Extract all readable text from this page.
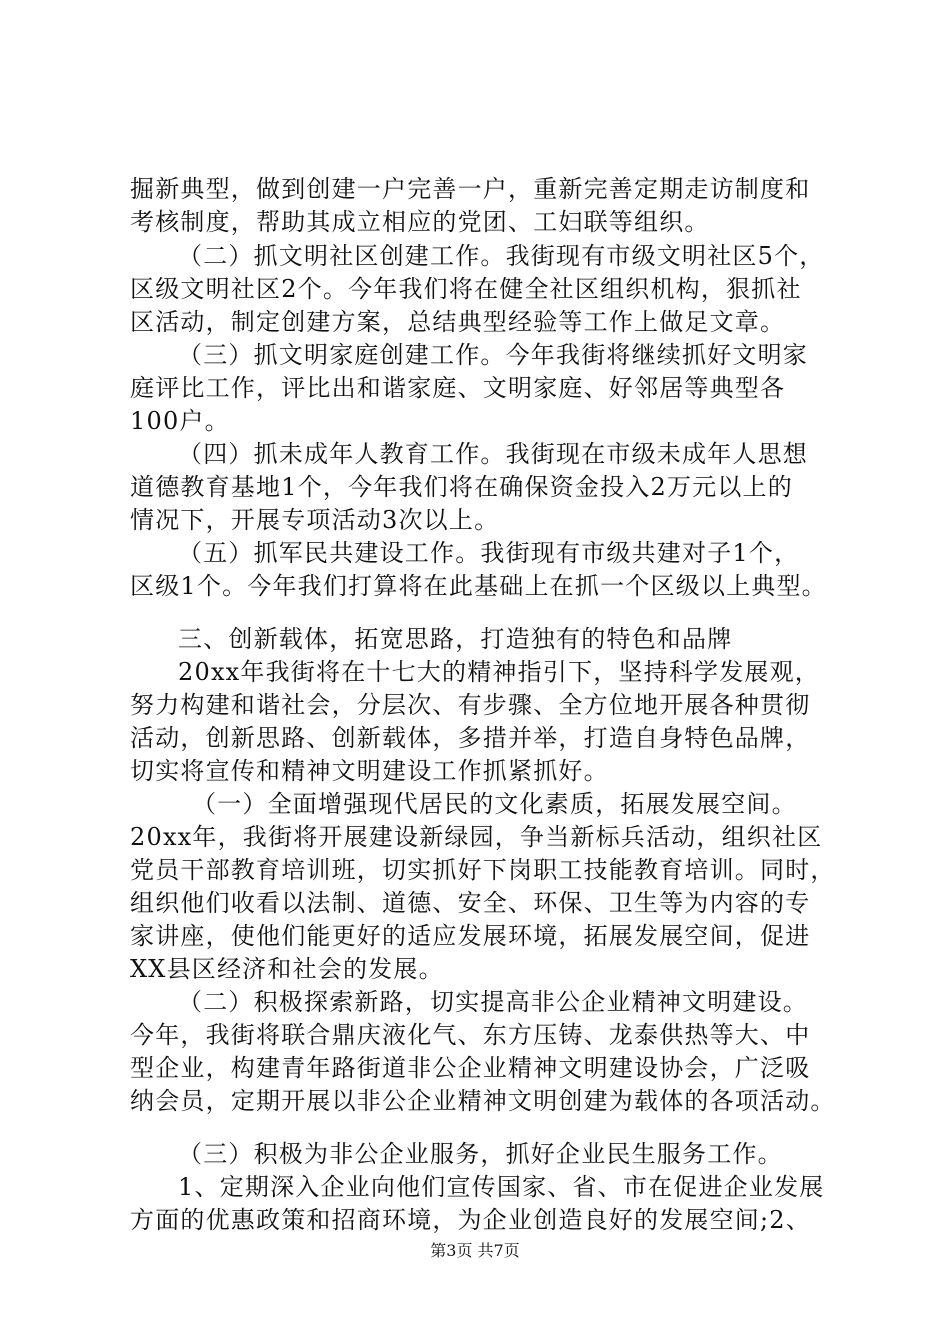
掘新典型，做到创建一户完善一户，重新完善定期走访制度和
考核制度，帮助其成立相应的党团、工妇联等组织。
（二）抓文明社区创建工作。我街现有市级文明社区5个，
区级文明社区2个。今年我们将在健全社区组织机构，狠抓社
区活动，制定创建方案，总结典型经验等工作上做足文章。
（三）抓文明家庭创建工作。今年我街将继续抓好文明家
庭评比工作，评比出和谐家庭、文明家庭、好邻居等典型各
100户。
（四）抓未成年人教育工作。我街现在市级未成年人思想
道德教育基地1个，今年我们将在确保资金投入2万元以上的
情况下，开展专项活动3次以上。
（五）抓军民共建设工作。我街现有市级共建对子1个，
区级1个。今年我们打算将在此基础上在抓一个区级以上典型。
三、创新载体，拓宽思路，打造独有的特色和品牌
20xx年我街将在十七大的精神指引下，坚持科学发展观，
努力构建和谐社会，分层次、有步骤、全方位地开展各种贯彻
活动，创新思路、创新载体，多措并举，打造自身特色品牌，
切实将宣传和精神文明建设工作抓紧抓好。
（一）全面增强现代居民的文化素质，拓展发展空间。
20xx年，我街将开展建设新绿园，争当新标兵活动，组织社区
党员干部教育培训班，切实抓好下岗职工技能教育培训。同时，
组织他们收看以法制、道德、安全、环保、卫生等为内容的专
家讲座，使他们能更好的适应发展环境，拓展发展空间，促进
XX县区经济和社会的发展。
（二）积极探索新路，切实提高非公企业精神文明建设。
今年，我街将联合鼎庆液化气、东方压铸、龙泰供热等大、中
型企业，构建青年路街道非公企业精神文明建设协会，广泛吸
纳会员，定期开展以非公企业精神文明创建为载体的各项活动。
（三）积极为非公企业服务，抓好企业民生服务工作。
1、定期深入企业向他们宣传国家、省、市在促进企业发展
方面的优惠政策和招商环境，为企业创造良好的发展空间;2、
第3页 共7页
